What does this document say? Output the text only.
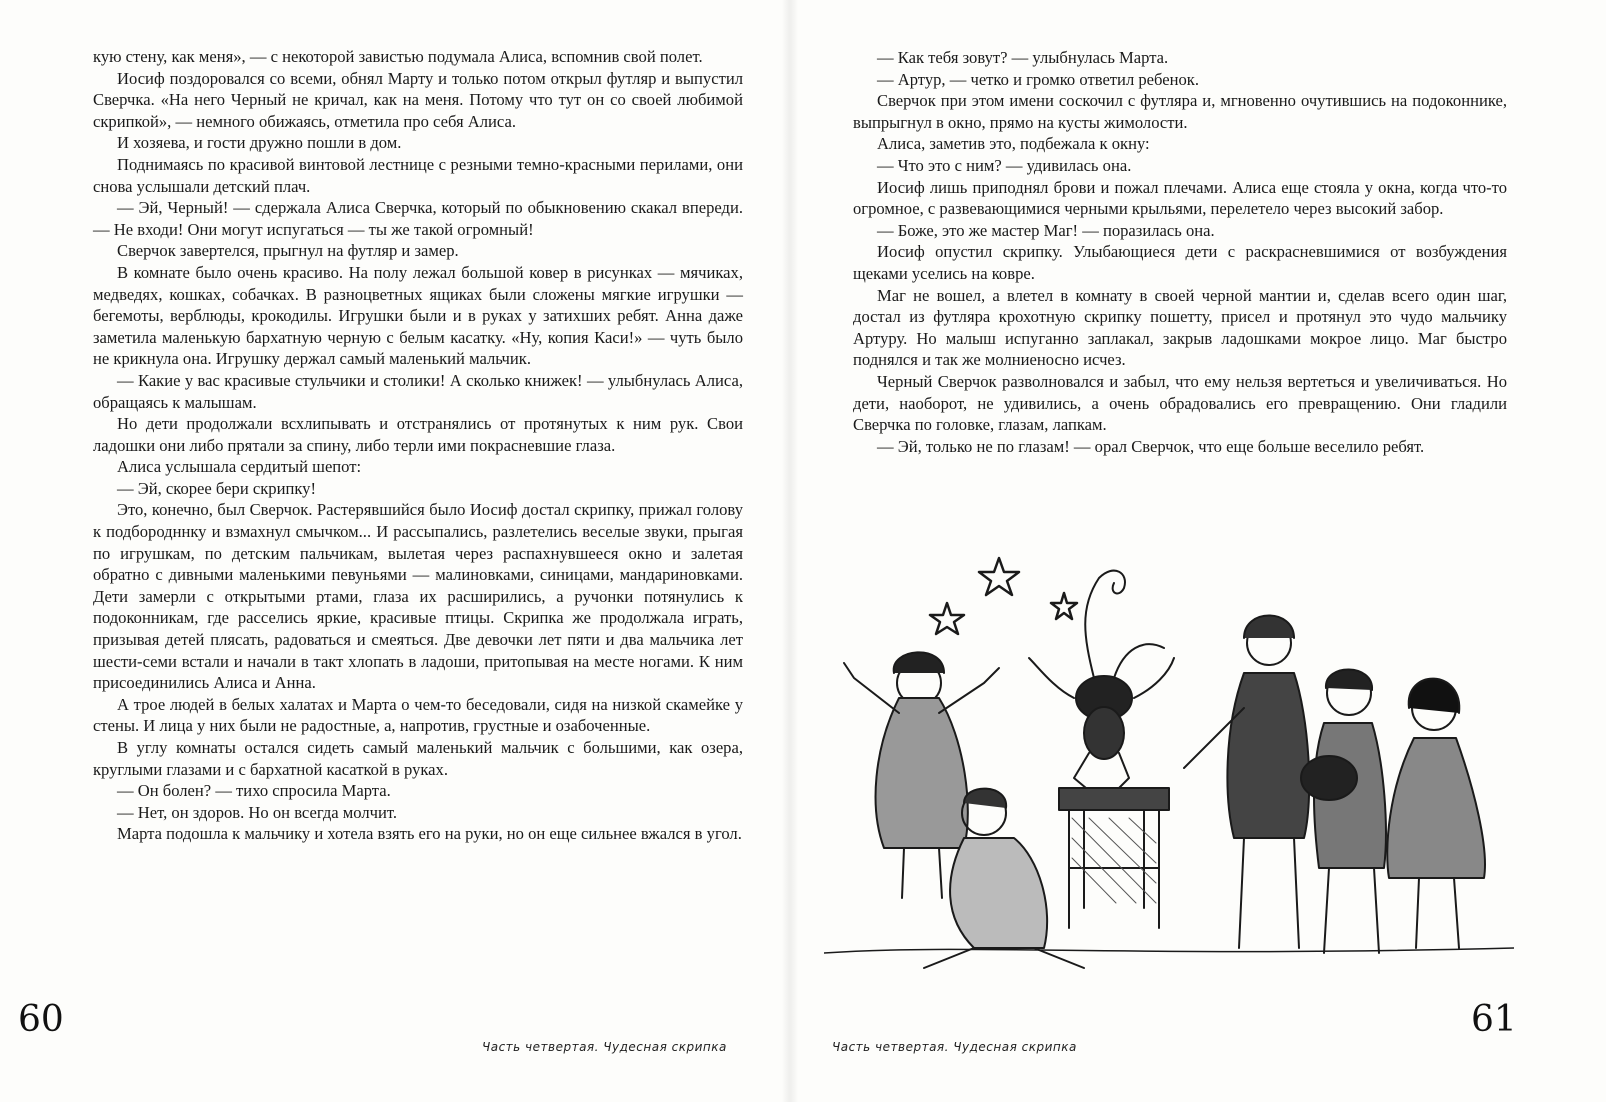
кую стену, как меня», — с некоторой завистью подумала Алиса, вспомнив свой полет.

Иосиф поздоровался со всеми, обнял Марту и только потом открыл футляр и выпустил Сверчка. «На него Черный не кричал, как на меня. Потому что тут он со своей любимой скрипкой», — немного обижаясь, отметила про себя Алиса.

И хозяева, и гости дружно пошли в дом.

Поднимаясь по красивой винтовой лестнице с резными темно-красными перилами, они снова услышали детский плач.

— Эй, Черный! — сдержала Алиса Сверчка, который по обыкновению скакал впереди. — Не входи! Они могут испугаться — ты же такой огромный!

Сверчок завертелся, прыгнул на футляр и замер.

В комнате было очень красиво. На полу лежал большой ковер в рисунках — мячиках, медведях, кошках, собачках. В разноцветных ящиках были сложены мягкие игрушки — бегемоты, верблюды, крокодилы. Игрушки были и в руках у затихших ребят. Анна даже заметила маленькую бархатную черную с белым касатку. «Ну, копия Каси!» — чуть было не крикнула она. Игрушку держал самый маленький мальчик.

— Какие у вас красивые стульчики и столики! А сколько книжек! — улыбнулась Алиса, обращаясь к малышам.

Но дети продолжали всхлипывать и отстранялись от протянутых к ним рук. Свои ладошки они либо прятали за спину, либо терли ими покрасневшие глаза.

Алиса услышала сердитый шепот:

— Эй, скорее бери скрипку!

Это, конечно, был Сверчок. Растерявшийся было Иосиф достал скрипку, прижал голову к подбородннку и взмахнул смычком... И рассыпались, разлетелись веселые звуки, прыгая по игрушкам, по детским пальчикам, вылетая через распахнувшееся окно и залетая обратно с дивными маленькими певуньями — малиновками, синицами, мандариновками. Дети замерли с открытыми ртами, глаза их расширились, а ручонки потянулись к подоконникам, где расселись яркие, красивые птицы. Скрипка же продолжала играть, призывая детей плясать, радоваться и смеяться. Две девочки лет пяти и два мальчика лет шести-семи встали и начали в такт хлопать в ладоши, притопывая на месте ногами. К ним присоединились Алиса и Анна.

А трое людей в белых халатах и Марта о чем-то беседовали, сидя на низкой скамейке у стены. И лица у них были не радостные, а, напротив, грустные и озабоченные.

В углу комнаты остался сидеть самый маленький мальчик с большими, как озера, круглыми глазами и с бархатной касаткой в руках.

— Он болен? — тихо спросила Марта.

— Нет, он здоров. Но он всегда молчит.

Марта подошла к мальчику и хотела взять его на руки, но он еще сильнее вжался в угол.

60
Часть четвертая. Чудесная скрипка

— Как тебя зовут? — улыбнулась Марта.

— Артур, — четко и громко ответил ребенок.

Сверчок при этом имени соскочил с футляра и, мгновенно очутившись на подоконнике, выпрыгнул в окно, прямо на кусты жимолости.

Алиса, заметив это, подбежала к окну:

— Что это с ним? — удивилась она.

Иосиф лишь приподнял брови и пожал плечами. Алиса еще стояла у окна, когда что-то огромное, с развевающимися черными крыльями, перелетело через высокий забор.

— Боже, это же мастер Маг! — поразилась она.

Иосиф опустил скрипку. Улыбающиеся дети с раскрасневшимися от возбуждения щеками уселись на ковре.

Маг не вошел, а влетел в комнату в своей черной мантии и, сделав всего один шаг, достал из футляра крохотную скрипку пошетту, присел и протянул это чудо мальчику Артуру. Но малыш испуганно заплакал, закрыв ладошками мокрое лицо. Маг быстро поднялся и так же молниеносно исчез.

Черный Сверчок разволновался и забыл, что ему нельзя вертеться и увеличиваться. Но дети, наоборот, не удивились, а очень обрадовались его превращению. Они гладили Сверчка по головке, глазам, лапкам.

— Эй, только не по глазам! — орал Сверчок, что еще больше веселило ребят.

61
Часть четвертая. Чудесная скрипка
